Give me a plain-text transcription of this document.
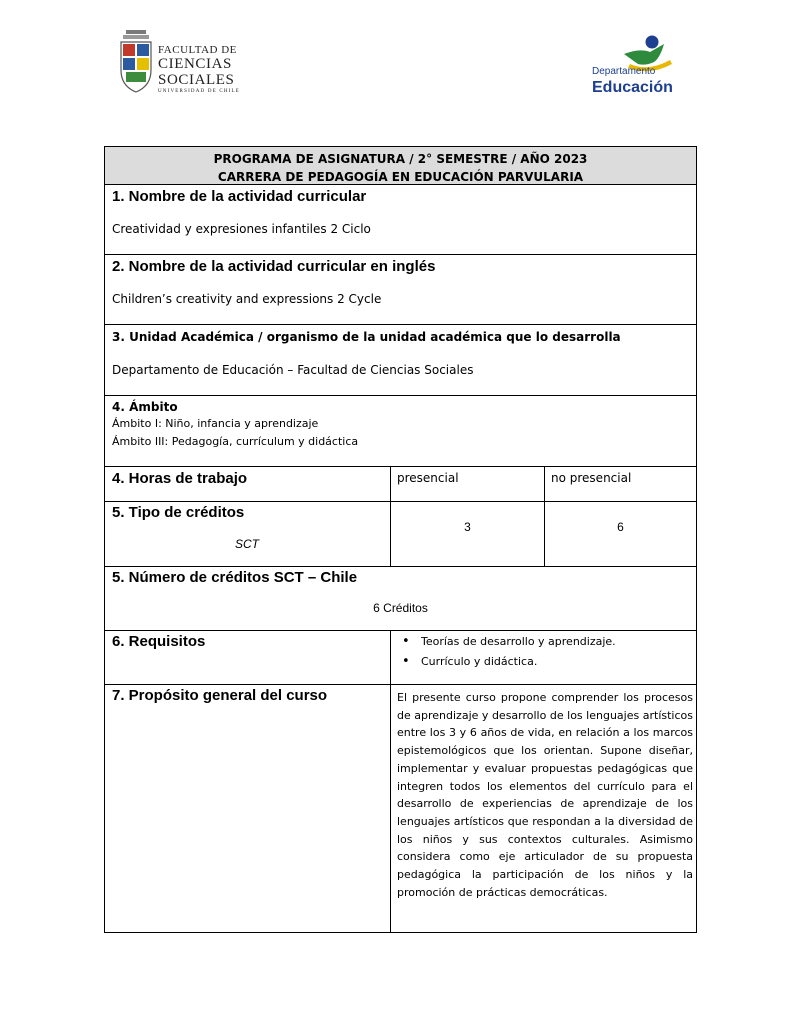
FACULTAD DE
CIENCIAS
SOCIALES
UNIVERSIDAD DE CHILE
Departamento
Educación
PROGRAMA DE ASIGNATURA / 2° SEMESTRE / AÑO 2023
CARRERA DE PEDAGOGÍA EN EDUCACIÓN PARVULARIA
1. Nombre de la actividad curricular
Creatividad y expresiones infantiles 2 Ciclo
2. Nombre de la actividad curricular en inglés
Children’s creativity and expressions 2 Cycle
3. Unidad Académica / organismo de la unidad académica que lo desarrolla
Departamento de Educación – Facultad de Ciencias Sociales
4. Ámbito
Ámbito I: Niño, infancia y aprendizaje
Ámbito III: Pedagogía, currículum y didáctica
4. Horas de trabajo	presencial	no presencial
5. Tipo de créditos
SCT
3	6
5. Número de créditos SCT – Chile
6 Créditos
6. Requisitos
•	Teorías de desarrollo y aprendizaje.
• Currículo y didáctica.
7. Propósito general del curso	El presente curso propone comprender los procesos de aprendizaje y desarrollo de los lenguajes artísticos entre los 3 y 6 años de vida, en relación a los marcos epistemológicos que los orientan. Supone diseñar, implementar y evaluar propuestas pedagógicas que integren todos los elementos del currículo para el desarrollo de experiencias de aprendizaje de los lenguajes artísticos que respondan a la diversidad de los niños y sus contextos culturales. Asimismo considera como eje articulador de su propuesta pedagógica la participación de los niños y la promoción de prácticas democráticas.
